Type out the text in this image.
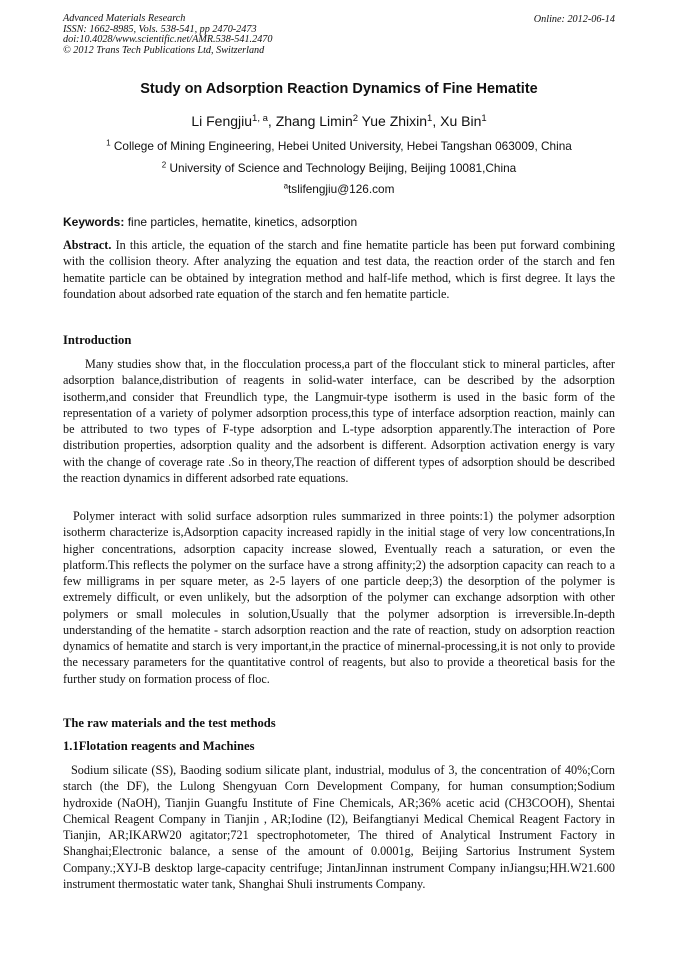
Advanced Materials Research
ISSN: 1662-8985, Vols. 538-541, pp 2470-2473
doi:10.4028/www.scientific.net/AMR.538-541.2470
© 2012 Trans Tech Publications Ltd, Switzerland
Online: 2012-06-14
Study on Adsorption Reaction Dynamics of Fine Hematite
Li Fengjiu$^{1, a}$, Zhang Limin$^2$ Yue Zhixin$^1$, Xu Bin$^1$
$^1$ College of Mining Engineering, Hebei United University, Hebei Tangshan 063009, China
$^2$ University of Science and Technology Beijing, Beijing 10081,China
$^a$tslifengjiu@126.com
Keywords: fine particles, hematite, kinetics, adsorption
Abstract. In this article, the equation of the starch and fine hematite particle has been put forward combining with the collision theory. After analyzing the equation and test data, the reaction order of the starch and fen hematite particle can be obtained by integration method and half-life method, which is first degree. It lays the foundation about adsorbed rate equation of the starch and fen hematite particle.
Introduction
Many studies show that, in the flocculation process,a part of the flocculant stick to mineral particles, after adsorption balance,distribution of reagents in solid-water interface, can be described by the adsorption isotherm,and consider that Freundlich type, the Langmuir-type isotherm is used in the basic form of the representation of a variety of polymer adsorption process,this type of interface adsorption reaction, mainly can be attributed to two types of F-type adsorption and L-type adsorption apparently.The interaction of Pore distribution properties, adsorption quality and the adsorbent is different. Adsorption activation energy is vary with the change of coverage rate .So in theory,The reaction of different types of adsorption should be described the reaction dynamics in different adsorbed rate equations.
Polymer interact with solid surface adsorption rules summarized in three points:1) the polymer adsorption isotherm characterize is,Adsorption capacity increased rapidly in the initial stage of very low concentrations,In higher concentrations, adsorption capacity increase slowed, Eventually reach a saturation, or even the platform.This reflects the polymer on the surface have a strong affinity;2) the adsorption capacity can reach to a few milligrams in per square meter, as 2-5 layers of one particle deep;3) the desorption of the polymer is extremely difficult, or even unlikely, but the adsorption of the polymer can exchange adsorption with other polymers or small molecules in solution,Usually that the polymer adsorption is irreversible.In-depth understanding of the hematite - starch adsorption reaction and the rate of reaction, study on adsorption reaction dynamics of hematite and starch is very important,in the practice of minernal-processing,it is not only to provide the necessary parameters for the quantitative control of reagents, but also to provide a theoretical basis for the further study on formation process of floc.
The raw materials and the test methods
1.1Flotation reagents and Machines
Sodium silicate (SS), Baoding sodium silicate plant, industrial, modulus of 3, the concentration of 40%;Corn starch (the DF), the Lulong Shengyuan Corn Development Company, for human consumption;Sodium hydroxide (NaOH), Tianjin Guangfu Institute of Fine Chemicals, AR;36% acetic acid (CH3COOH), Shentai Chemical Reagent Company in Tianjin , AR;Iodine (I2), Beifangtianyi Medical Chemical Reagent Factory in Tianjin, AR;IKARW20 agitator;721 spectrophotometer, The thired of Analytical Instrument Factory in Shanghai;Electronic balance, a sense of the amount of 0.0001g, Beijing Sartorius Instrument System Company.;XYJ-B desktop large-capacity centrifuge; JintanJinnan instrument Company inJiangsu;HH.W21.600 instrument thermostatic water tank, Shanghai Shuli instruments Company.
